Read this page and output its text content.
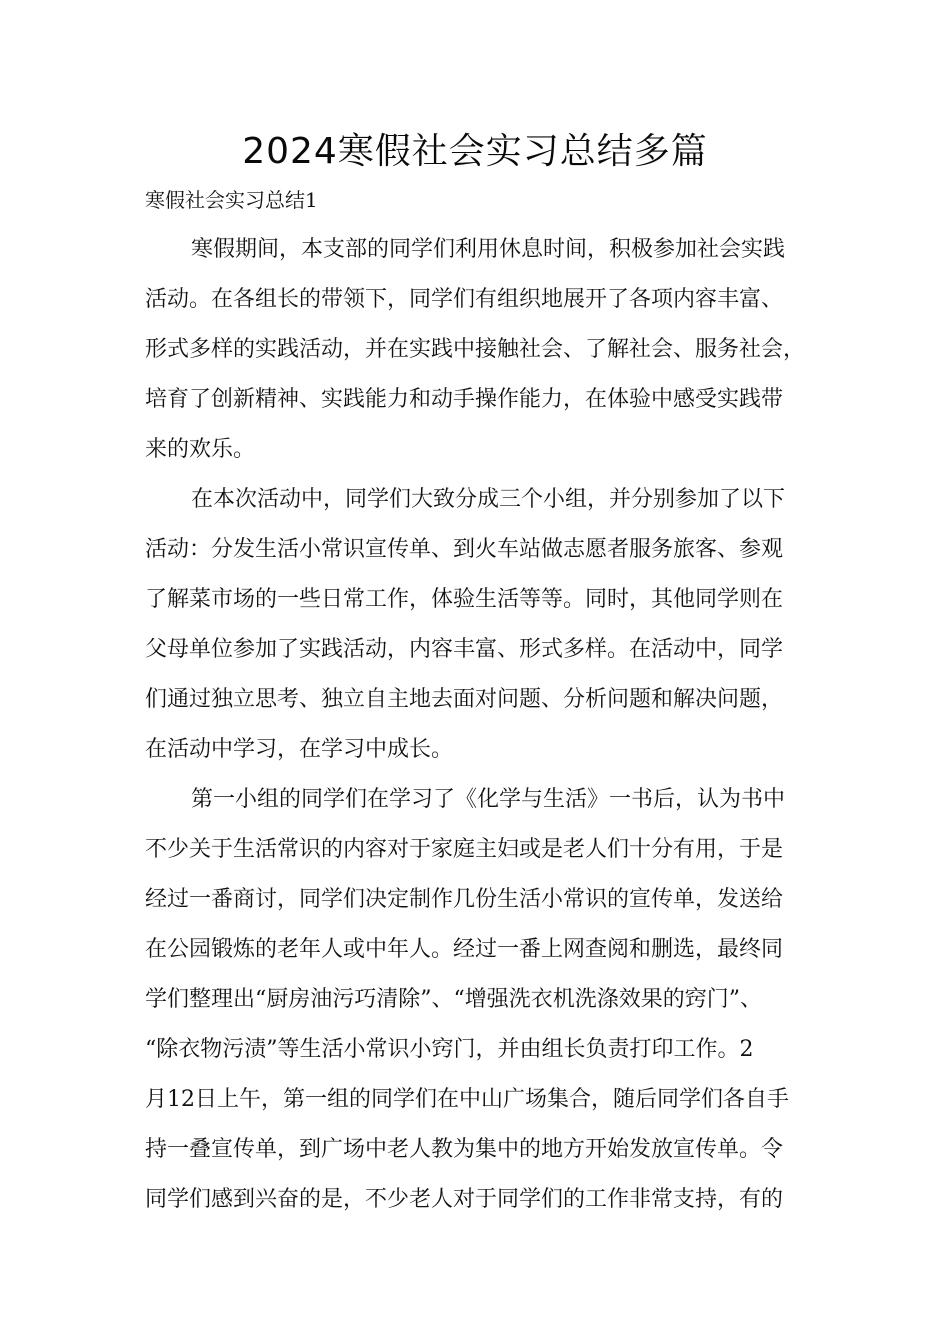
2024寒假社会实习总结多篇
寒假社会实习总结1
寒假期间，本支部的同学们利用休息时间，积极参加社会实践
活动。在各组长的带领下，同学们有组织地展开了各项内容丰富、
形式多样的实践活动，并在实践中接触社会、了解社会、服务社会，
培育了创新精神、实践能力和动手操作能力，在体验中感受实践带
来的欢乐。
在本次活动中，同学们大致分成三个小组，并分别参加了以下
活动：分发生活小常识宣传单、到火车站做志愿者服务旅客、参观
了解菜市场的一些日常工作，体验生活等等。同时，其他同学则在
父母单位参加了实践活动，内容丰富、形式多样。在活动中，同学
们通过独立思考、独立自主地去面对问题、分析问题和解决问题，
在活动中学习，在学习中成长。
第一小组的同学们在学习了《化学与生活》一书后，认为书中
不少关于生活常识的内容对于家庭主妇或是老人们十分有用，于是
经过一番商讨，同学们决定制作几份生活小常识的宣传单，发送给
在公园锻炼的老年人或中年人。经过一番上网查阅和删选，最终同
学们整理出“厨房油污巧清除”、“增强洗衣机洗涤效果的窍门”、
“除衣物污渍”等生活小常识小窍门，并由组长负责打印工作。2
月12日上午，第一组的同学们在中山广场集合，随后同学们各自手
持一叠宣传单，到广场中老人教为集中的地方开始发放宣传单。令
同学们感到兴奋的是，不少老人对于同学们的工作非常支持，有的
